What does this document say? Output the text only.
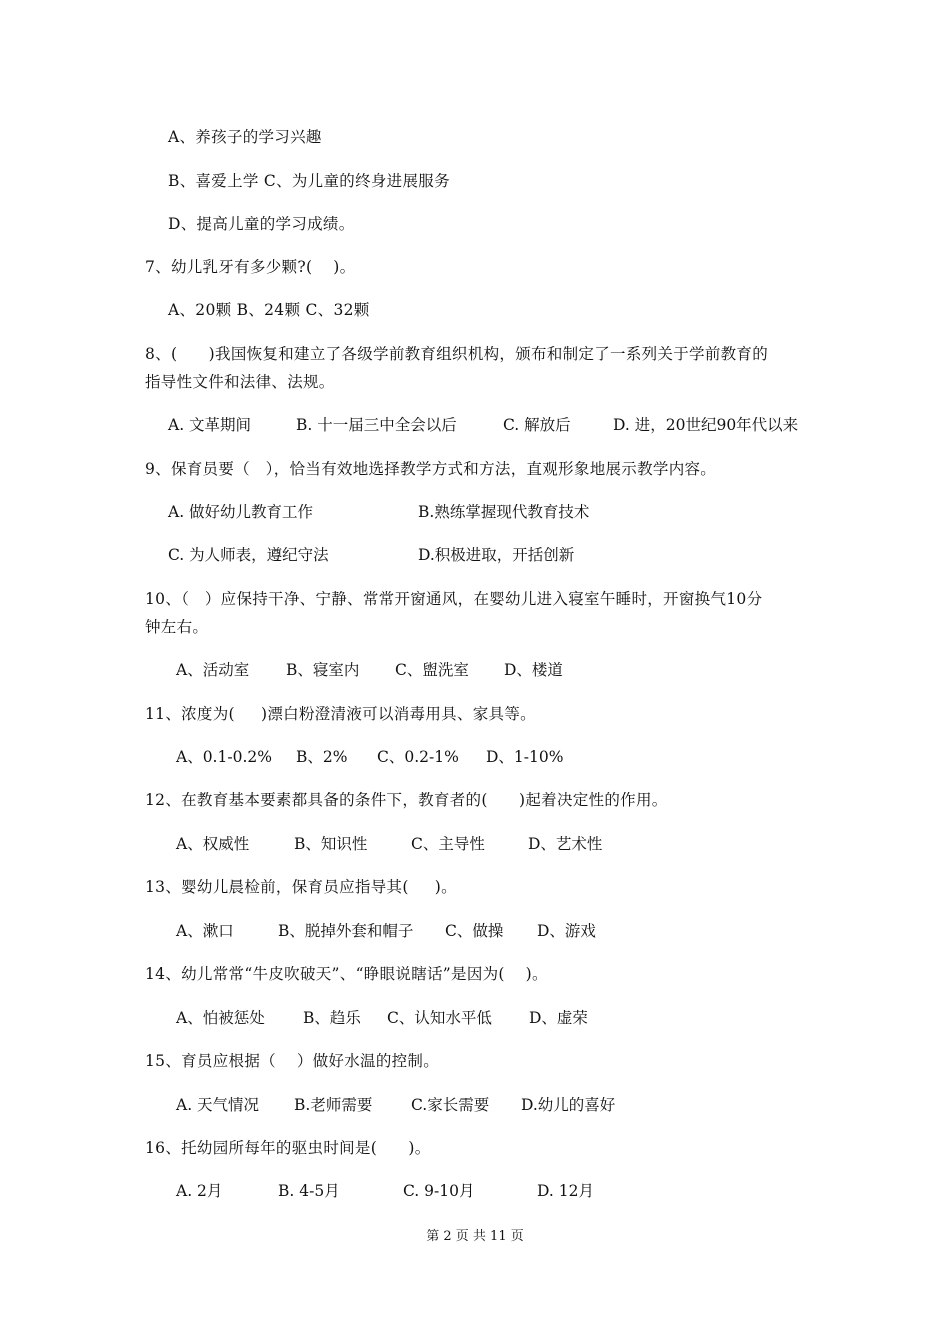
A、养孩子的学习兴趣
B、喜爱上学 C、为儿童的终身进展服务
D、提高儿童的学习成绩。
7、幼儿乳牙有多少颗?(    )。
A、20颗 B、24颗 C、32颗
8、(      )我国恢复和建立了各级学前教育组织机构，颁布和制定了一系列关于学前教育的
指导性文件和法律、法规。
A. 文革期间	B. 十一届三中全会以后	C. 解放后	D. 进，20世纪90年代以来
9、保育员要（   ），恰当有效地选择教学方式和方法，直观形象地展示教学内容。
A. 做好幼儿教育工作	B.熟练掌握现代教育技术
C. 为人师表，遵纪守法	D.积极进取，开括创新
10、（   ）应保持干净、宁静、常常开窗通风，在婴幼儿进入寝室午睡时，开窗换气10分
钟左右。
A、活动室 B、寝室内 C、盥洗室 D、楼道
11、浓度为(     )漂白粉澄清液可以消毒用具、家具等。
A、0.1-0.2% B、2% C、0.2-1% D、1-10%
12、在教育基本要素都具备的条件下，教育者的(      )起着决定性的作用。
A、权威性	B、知识性	C、主导性	D、艺术性
13、婴幼儿晨检前，保育员应指导其(     )。
A、漱口	B、脱掉外套和帽子 C、做操 D、游戏
14、幼儿常常“牛皮吹破天”、“睁眼说瞎话”是因为(    )。
A、怕被惩处 B、趋乐 C、认知水平低 D、虚荣
15、育员应根据（    ）做好水温的控制。
A. 天气情况 B.老师需要 C.家长需要 D.幼儿的喜好
16、托幼园所每年的驱虫时间是(      )。
A. 2月	B. 4-5月	C. 9-10月	D. 12月
第 2 页 共 11 页
